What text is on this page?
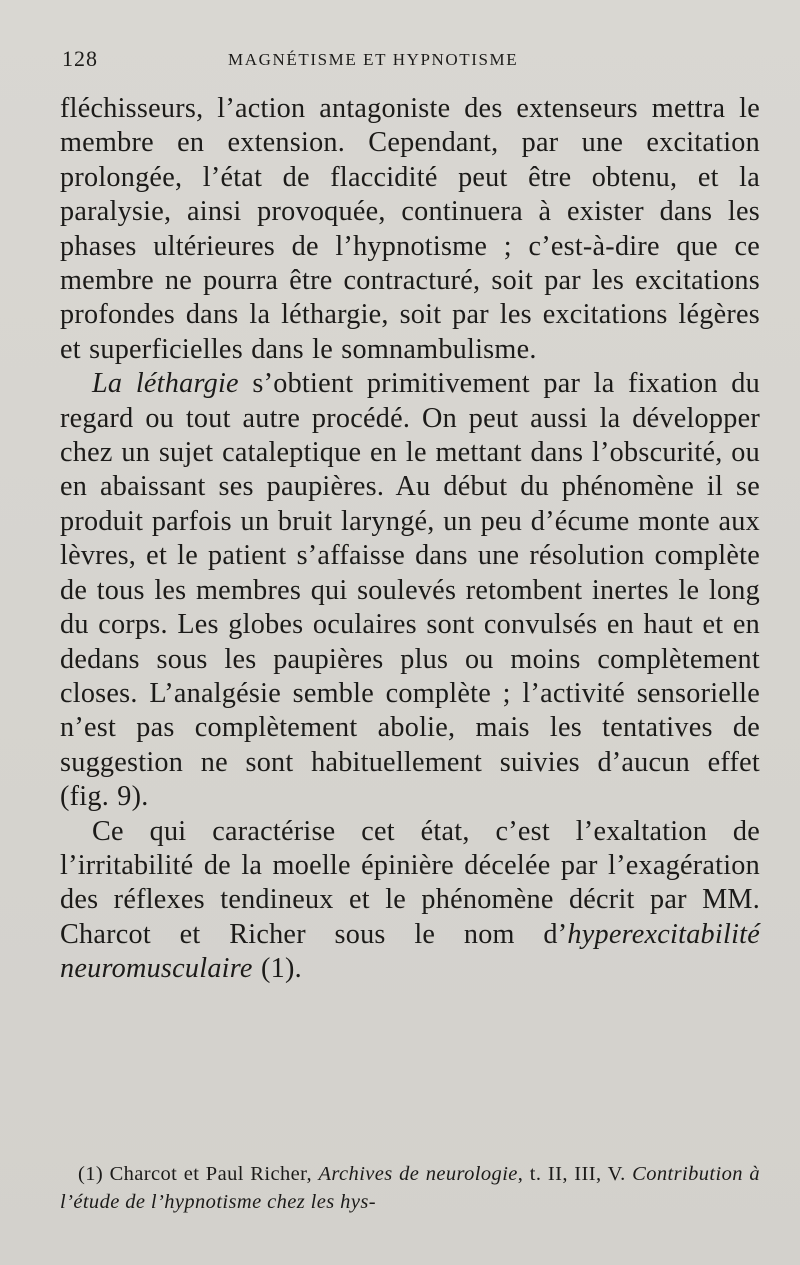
128	MAGNÉTISME ET HYPNOTISME

fléchisseurs, l’action antagoniste des extenseurs mettra le membre en extension. Cependant, par une excitation prolongée, l’état de flaccidité peut être obtenu, et la paralysie, ainsi provoquée, continuera à exister dans les phases ultérieures de l’hypnotisme ; c’est-à-dire que ce membre ne pourra être contracturé, soit par les excitations profondes dans la léthargie, soit par les excitations légères et superficielles dans le somnambulisme.

La léthargie s’obtient primitivement par la fixation du regard ou tout autre procédé. On peut aussi la développer chez un sujet cataleptique en le mettant dans l’obscurité, ou en abaissant ses paupières. Au début du phénomène il se produit parfois un bruit laryngé, un peu d’écume monte aux lèvres, et le patient s’affaisse dans une résolution complète de tous les membres qui soulevés retombent inertes le long du corps. Les globes oculaires sont convulsés en haut et en dedans sous les paupières plus ou moins complètement closes. L’analgésie semble complète ; l’activité sensorielle n’est pas complètement abolie, mais les tentatives de suggestion ne sont habituellement suivies d’aucun effet (fig. 9).

Ce qui caractérise cet état, c’est l’exaltation de l’irritabilité de la moelle épinière décelée par l’exagération des réflexes tendineux et le phénomène décrit par MM. Charcot et Richer sous le nom d’hyperexcitabilité neuromusculaire (1).

(1) Charcot et Paul Richer, Archives de neurologie, t. II, III, V. Contribution à l’étude de l’hypnotisme chez les hys-
